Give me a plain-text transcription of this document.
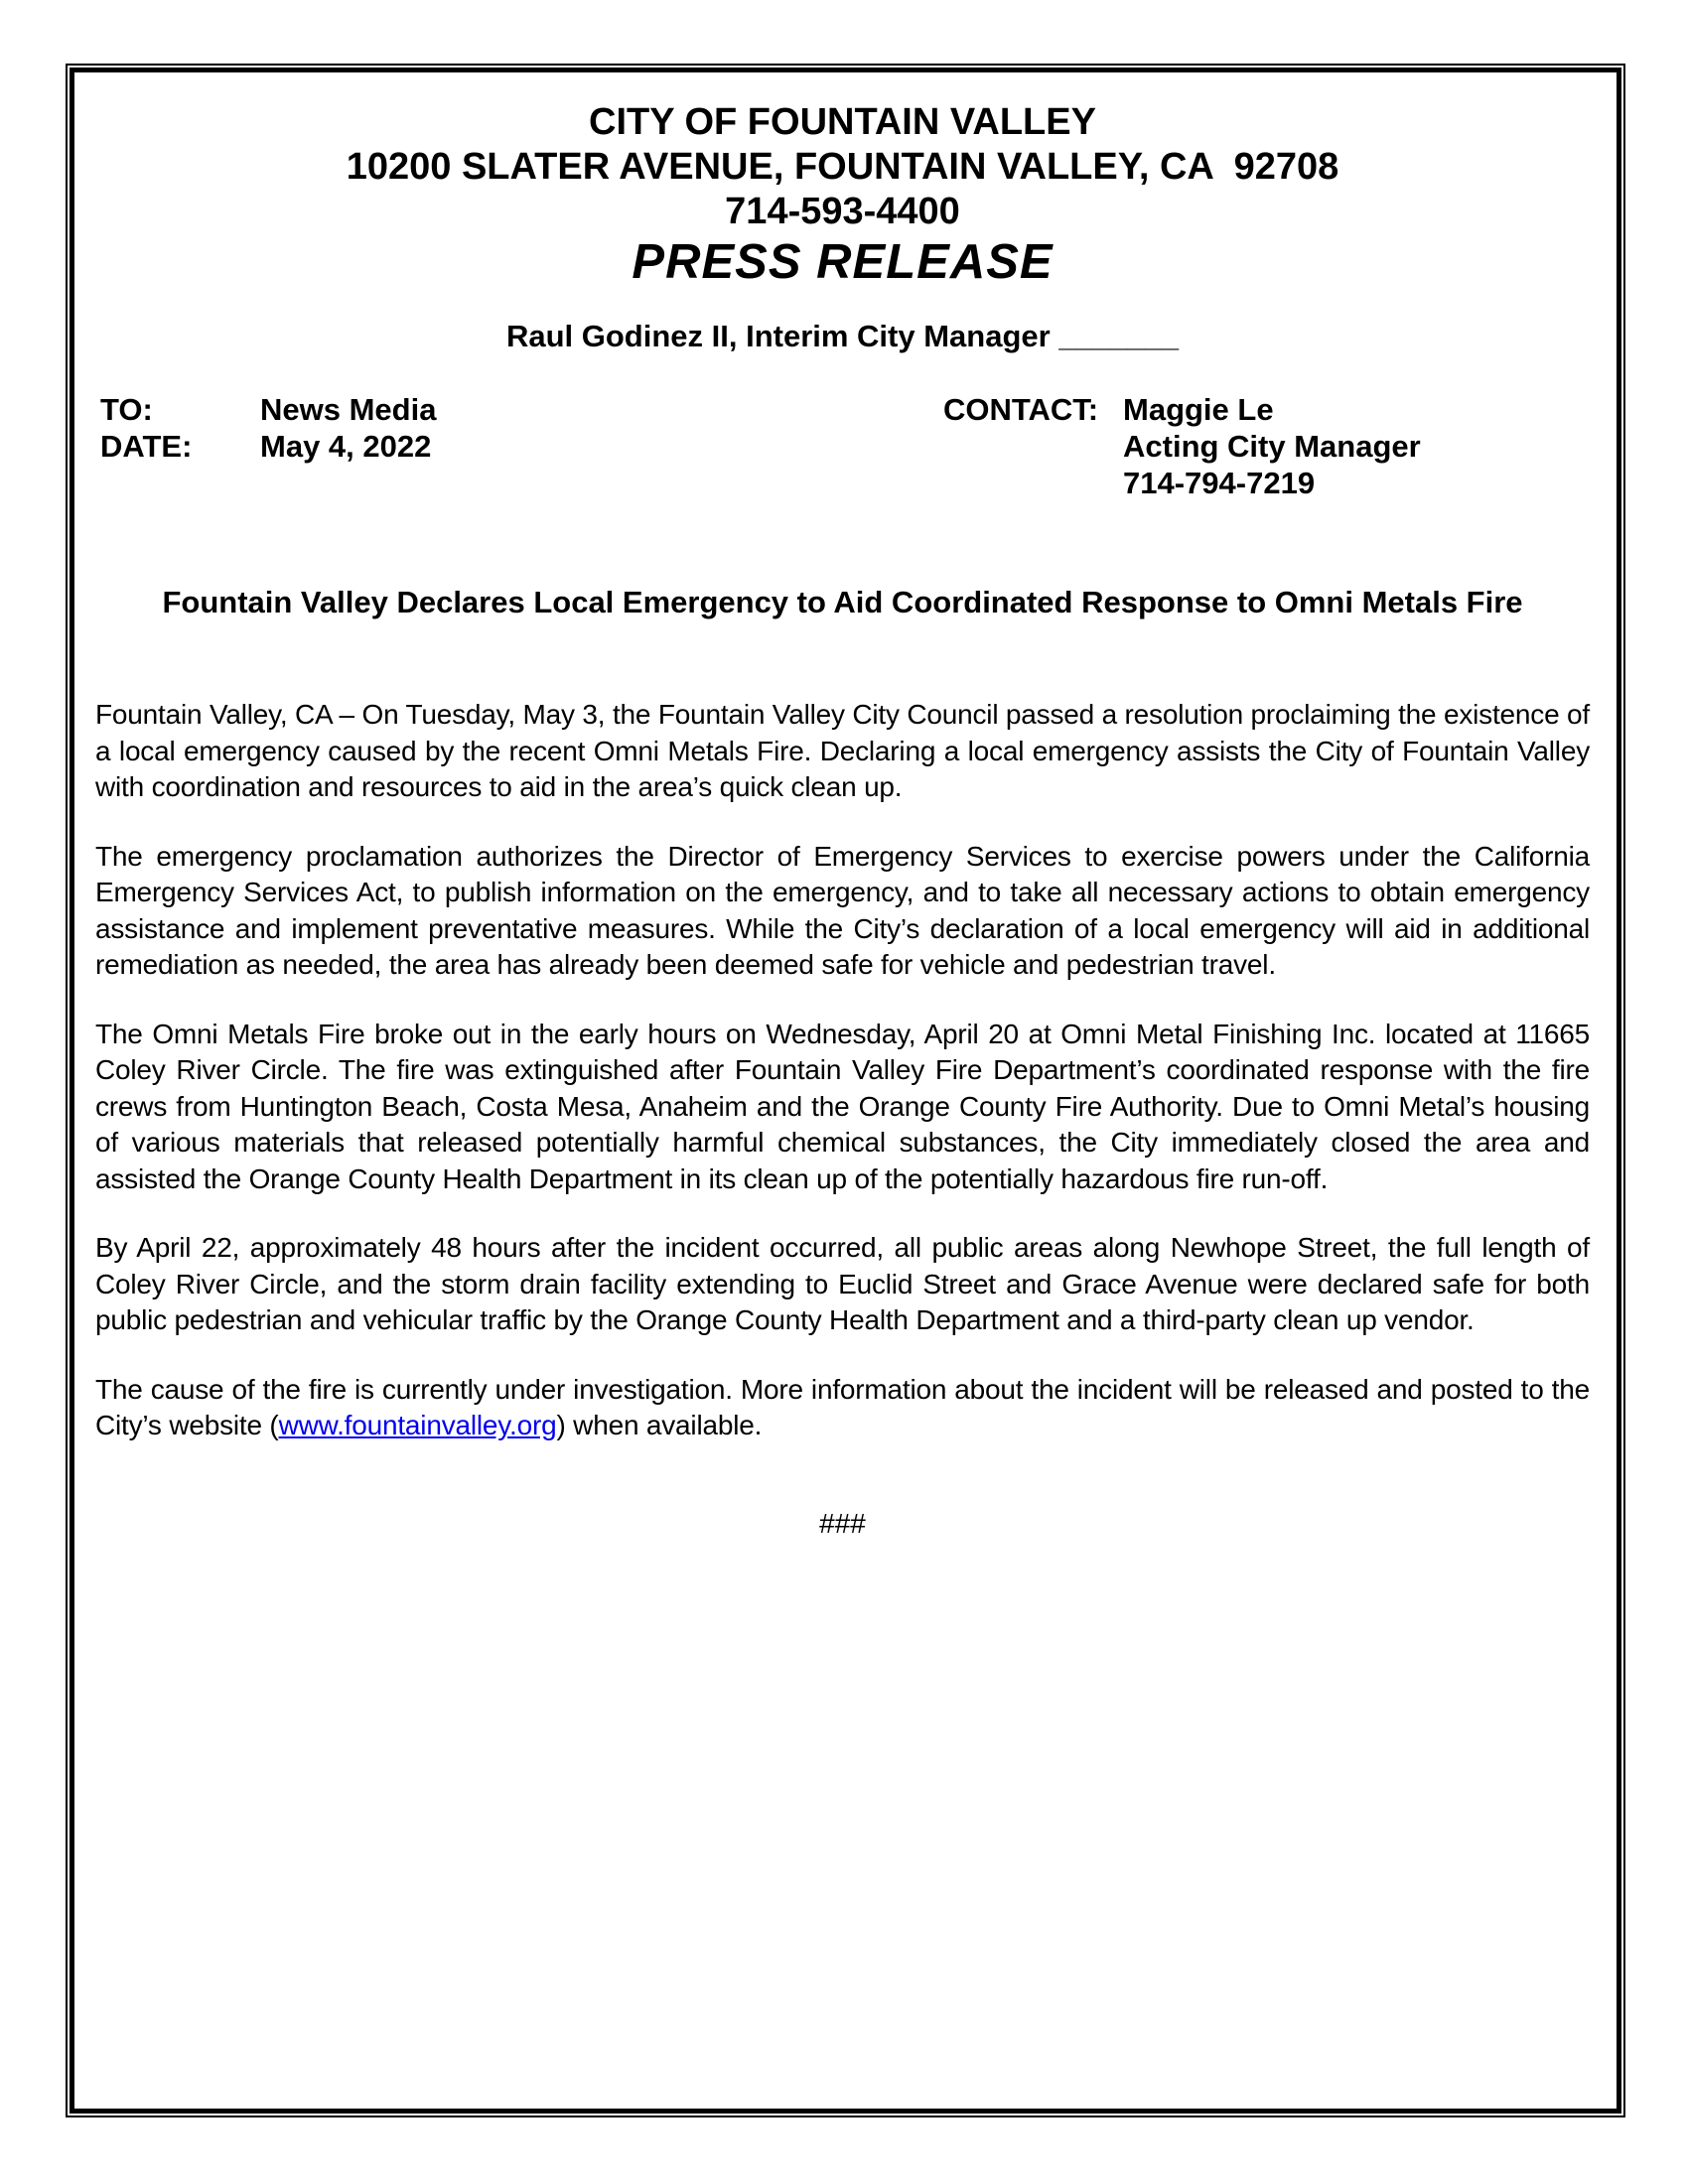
CITY OF FOUNTAIN VALLEY
10200 SLATER AVENUE, FOUNTAIN VALLEY, CA  92708
714-593-4400
PRESS RELEASE
Raul Godinez II, Interim City Manager _______
TO:	News Media
DATE: May 4, 2022
CONTACT: Maggie Le
Acting City Manager
714-794-7219
Fountain Valley Declares Local Emergency to Aid Coordinated Response to Omni Metals Fire

Fountain Valley, CA – On Tuesday, May 3, the Fountain Valley City Council passed a resolution proclaiming the existence of a local emergency caused by the recent Omni Metals Fire. Declaring a local emergency assists the City of Fountain Valley with coordination and resources to aid in the area’s quick clean up.

The emergency proclamation authorizes the Director of Emergency Services to exercise powers under the California Emergency Services Act, to publish information on the emergency, and to take all necessary actions to obtain emergency assistance and implement preventative measures. While the City’s declaration of a local emergency will aid in additional remediation as needed, the area has already been deemed safe for vehicle and pedestrian travel.

The Omni Metals Fire broke out in the early hours on Wednesday, April 20 at Omni Metal Finishing Inc. located at 11665 Coley River Circle. The fire was extinguished after Fountain Valley Fire Department’s coordinated response with the fire crews from Huntington Beach, Costa Mesa, Anaheim and the Orange County Fire Authority. Due to Omni Metal’s housing of various materials that released potentially harmful chemical substances, the City immediately closed the area and assisted the Orange County Health Department in its clean up of the potentially hazardous fire run-off.

By April 22, approximately 48 hours after the incident occurred, all public areas along Newhope Street, the full length of Coley River Circle, and the storm drain facility extending to Euclid Street and Grace Avenue were declared safe for both public pedestrian and vehicular traffic by the Orange County Health Department and a third-party clean up vendor.

The cause of the fire is currently under investigation. More information about the incident will be released and posted to the City’s website (www.fountainvalley.org) when available.

###
